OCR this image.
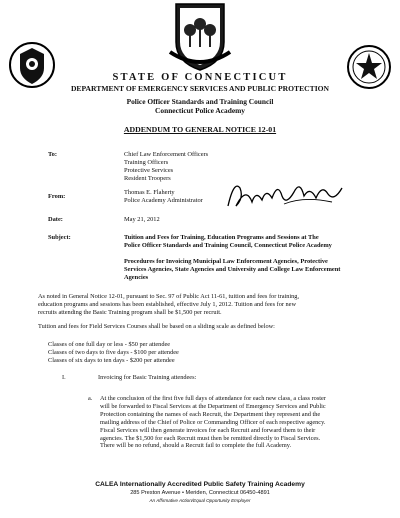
STATE OF CONNECTICUT
DEPARTMENT OF EMERGENCY SERVICES AND PUBLIC PROTECTION
Police Officer Standards and Training Council
Connecticut Police Academy
ADDENDUM TO GENERAL NOTICE 12-01
To:	Chief Law Enforcement Officers
Training Officers
Protective Services
Resident Troopers
From:
Thomas E. Flaherty
Police Academy Administrator
Date:	May 21, 2012
Subject:	Tuition and Fees for Training, Education Programs and Sessions at The
Police Officer Standards and Training Council, Connecticut Police Academy
Procedures for Invoicing Municipal Law Enforcement Agencies, Protective
Services Agencies, State Agencies and University and College Law Enforcement
Agencies
As noted in General Notice 12-01, pursuant to Sec. 97 of Public Act 11-61, tuition and fees for training,
education programs and sessions has been established, effective July 1, 2012. Tuition and fees for new
recruits attending the Basic Training program shall be $1,500 per recruit.
Tuition and fees for Field Services Courses shall be based on a sliding scale as defined below:
Classes of one full day or less - $50 per attendee
Classes of two days to five days - $100 per attendee
Classes of six days to ten days - $200 per attendee
I.	Invoicing for Basic Training attendees:
a. At the conclusion of the first five full days of attendance for each new class, a class roster
will be forwarded to Fiscal Services at the Department of Emergency Services and Public
Protection containing the names of each Recruit, the Department they represent and the
mailing address of the Chief of Police or Commanding Officer of each respective agency.
Fiscal Services will then generate invoices for each Recruit and forward them to their
agencies. The $1,500 for each Recruit must then be remitted directly to Fiscal Services.
There will be no refund, should a Recruit fail to complete the full Academy.
CALEA Internationally Accredited Public Safety Training Academy
285 Preston Avenue • Meriden, Connecticut 06450-4891
An Affirmative Action/Equal Opportunity Employer
